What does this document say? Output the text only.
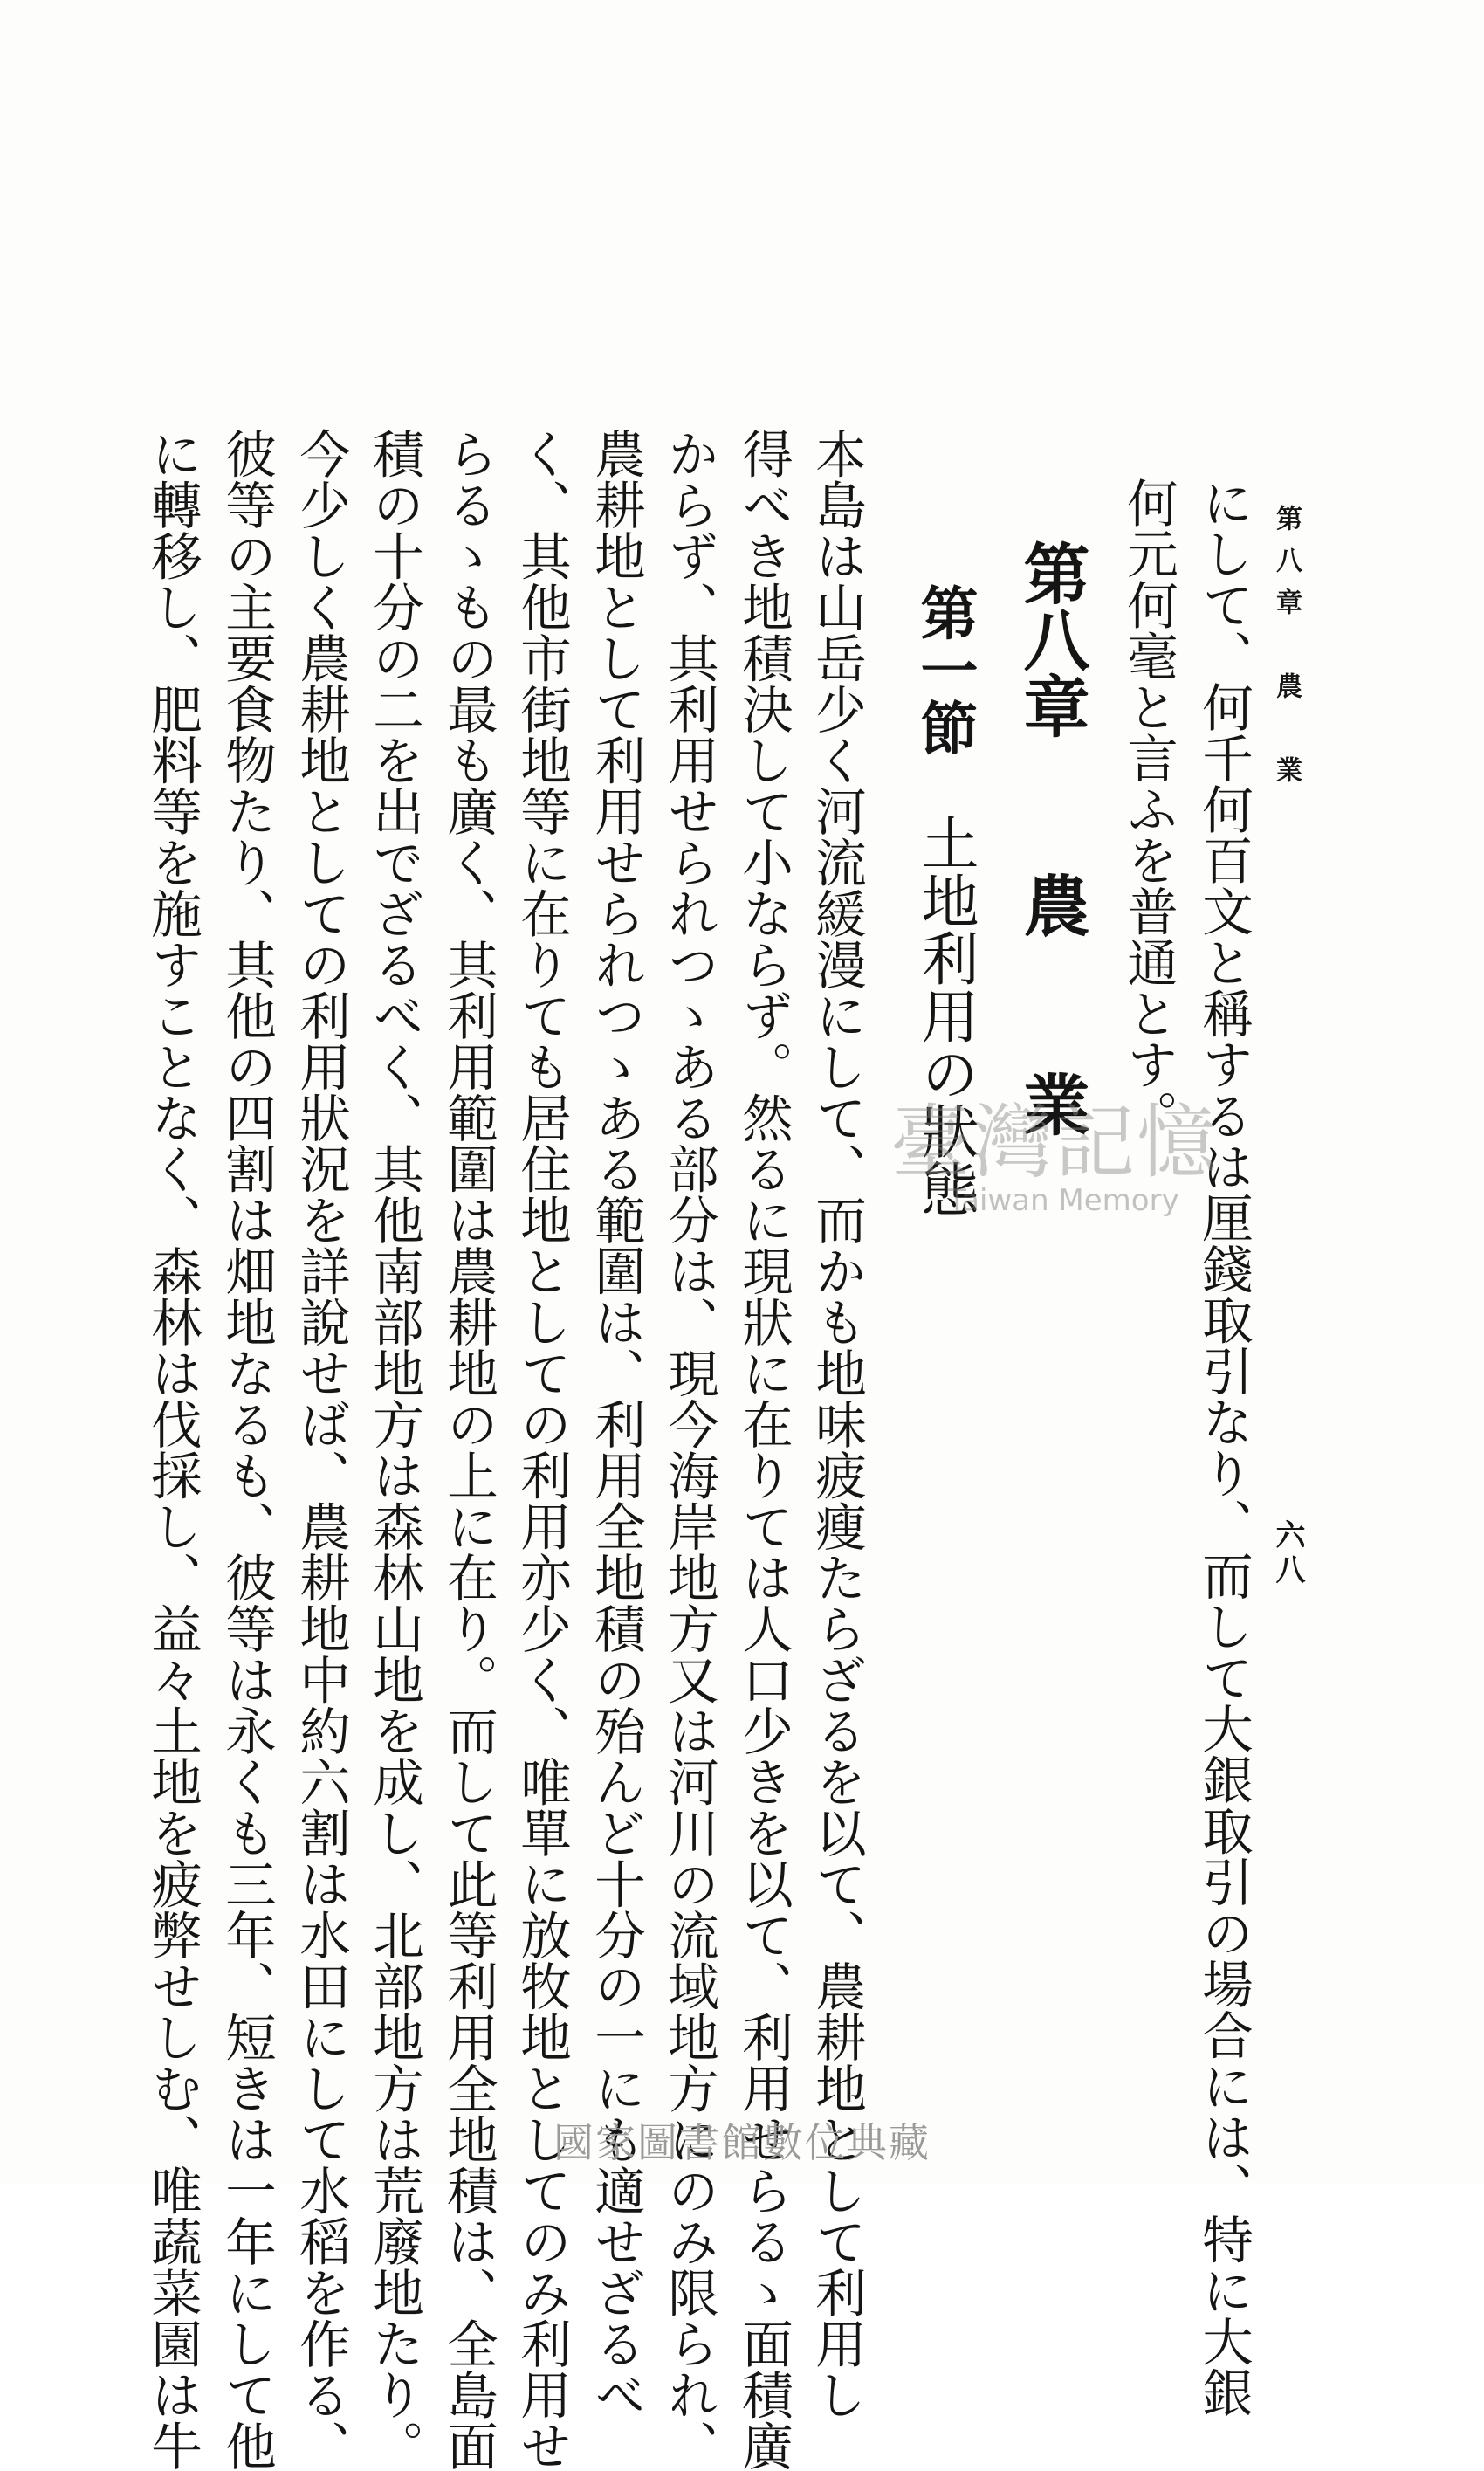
第八章　農　業
六八
にして、何千何百文と稱するは厘錢取引なり、而して大銀取引の場合には、特に大銀
何元何毫と言ふを普通とす。
第八章　　農　　業
第一節　土地利用の狀態
本島は山岳少く河流緩漫にして、而かも地味疲瘦たらざるを以て、農耕地として利用し
得べき地積決して小ならず。然るに現狀に在りては人口少きを以て、利用せらるゝ面積廣
からず、其利用せられつゝある部分は、現今海岸地方又は河川の流域地方にのみ限られ、
農耕地として利用せられつゝある範圍は、利用全地積の殆んど十分の一にも適せざるべ
く、其他市街地等に在りても居住地としての利用亦少く、唯單に放牧地としてのみ利用せ
らるゝもの最も廣く、其利用範圍は農耕地の上に在り。而して此等利用全地積は、全島面
積の十分の二を出でざるべく、其他南部地方は森林山地を成し、北部地方は荒廢地たり。
今少しく農耕地としての利用狀況を詳說せば、農耕地中約六割は水田にして水稻を作る、
彼等の主要食物たり、其他の四割は畑地なるも、彼等は永くも三年、短きは一年にして他
に轉移し、肥料等を施すことなく、森林は伐採し、益々土地を疲弊せしむ、唯蔬菜園は牛	臺灣記憶
Taiwan Memory
國家圖書館數位典藏
